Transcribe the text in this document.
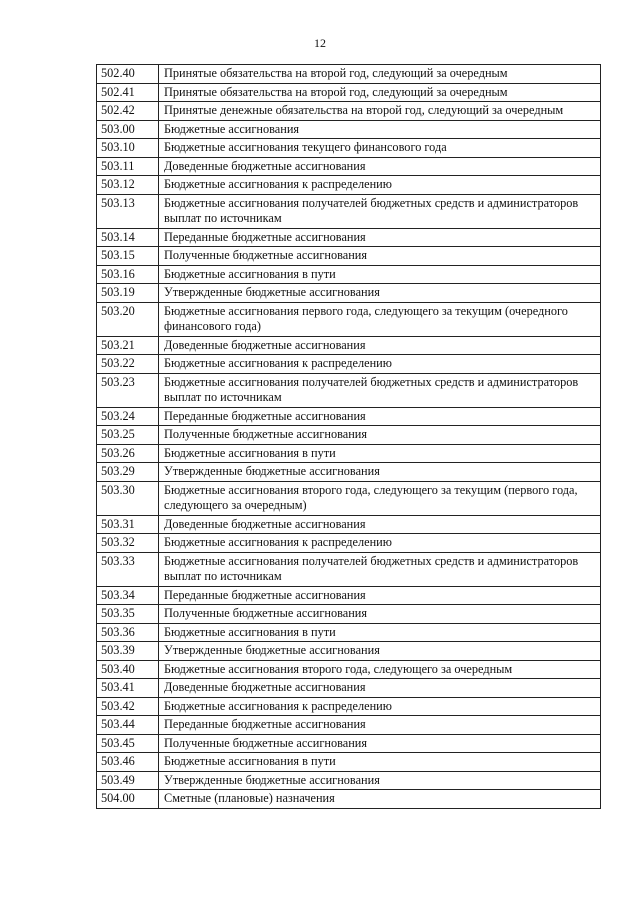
12
502.40	Принятые обязательства на второй год, следующий за очередным
502.41	Принятые обязательства на второй год, следующий за очередным
502.42	Принятые денежные обязательства на второй год, следующий за очередным
503.00	Бюджетные ассигнования
503.10	Бюджетные ассигнования текущего финансового года
503.11	Доведенные бюджетные ассигнования
503.12	Бюджетные ассигнования к распределению
503.13	Бюджетные ассигнования получателей бюджетных средств и администраторов выплат по источникам
503.14	Переданные бюджетные ассигнования
503.15	Полученные бюджетные ассигнования
503.16	Бюджетные ассигнования в пути
503.19	Утвержденные бюджетные ассигнования
503.20	Бюджетные ассигнования первого года, следующего за текущим (очередного финансового года)
503.21	Доведенные бюджетные ассигнования
503.22	Бюджетные ассигнования к распределению
503.23	Бюджетные ассигнования получателей бюджетных средств и администраторов выплат по источникам
503.24	Переданные бюджетные ассигнования
503.25	Полученные бюджетные ассигнования
503.26	Бюджетные ассигнования в пути
503.29	Утвержденные бюджетные ассигнования
503.30	Бюджетные ассигнования второго года, следующего за текущим (первого года, следующего за очередным)
503.31	Доведенные бюджетные ассигнования
503.32	Бюджетные ассигнования к распределению
503.33	Бюджетные ассигнования получателей бюджетных средств и администраторов выплат по источникам
503.34	Переданные бюджетные ассигнования
503.35	Полученные бюджетные ассигнования
503.36	Бюджетные ассигнования в пути
503.39	Утвержденные бюджетные ассигнования
503.40	Бюджетные ассигнования второго года, следующего за очередным
503.41	Доведенные бюджетные ассигнования
503.42	Бюджетные ассигнования к распределению
503.44	Переданные бюджетные ассигнования
503.45	Полученные бюджетные ассигнования
503.46	Бюджетные ассигнования в пути
503.49	Утвержденные бюджетные ассигнования
504.00	Сметные (плановые) назначения
